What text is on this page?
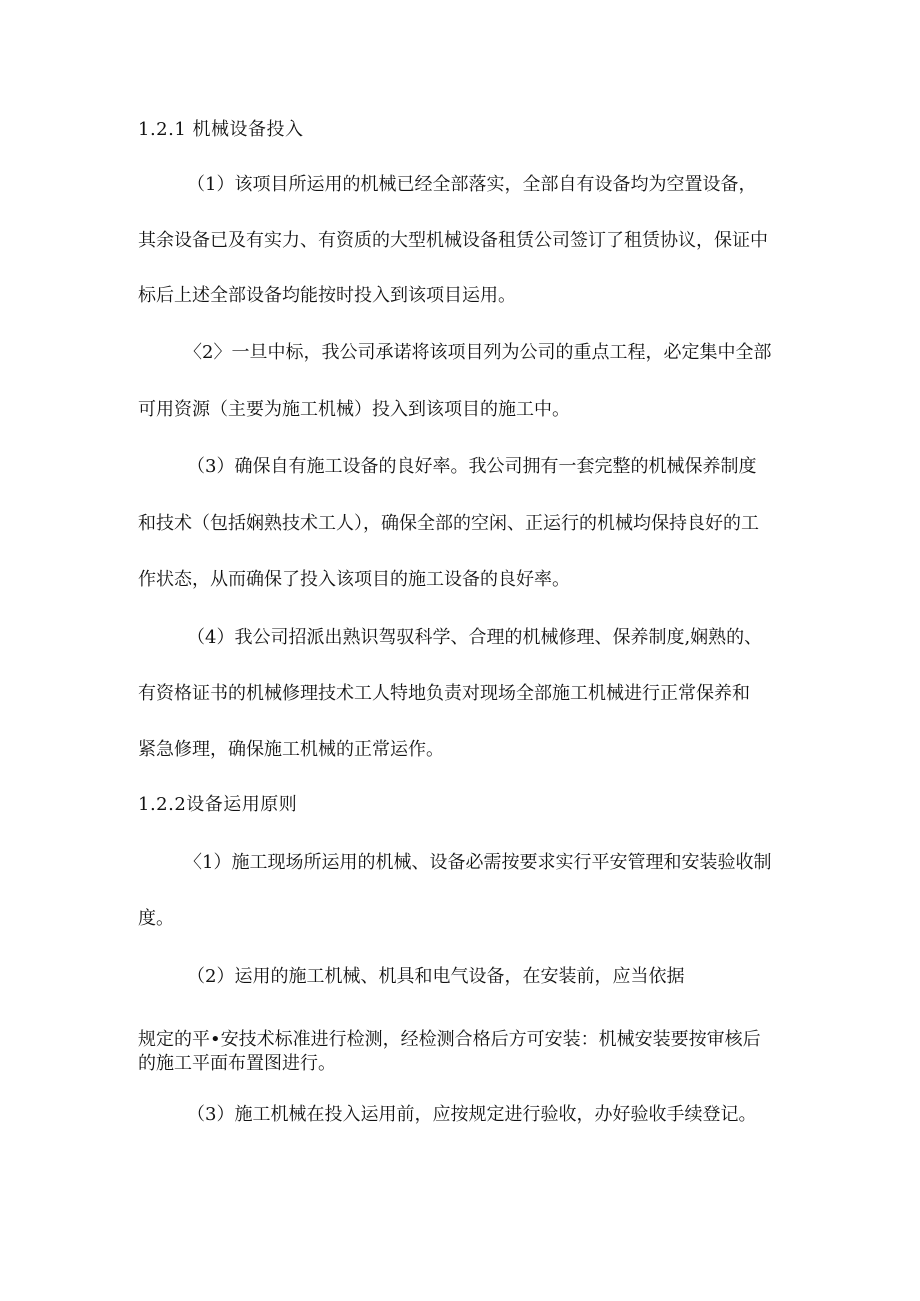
1.2.1 机械设备投入
（1）该项目所运用的机械已经全部落实，全部自有设备均为空置设备，
其余设备已及有实力、有资质的大型机械设备租赁公司签订了租赁协议，保证中
标后上述全部设备均能按时投入到该项目运用。
〈2〉一旦中标，我公司承诺将该项目列为公司的重点工程，必定集中全部
可用资源（主要为施工机械）投入到该项目的施工中。
（3）确保自有施工设备的良好率。我公司拥有一套完整的机械保养制度
和技术（包括娴熟技术工人），确保全部的空闲、正运行的机械均保持良好的工
作状态，从而确保了投入该项目的施工设备的良好率。
（4）我公司招派出熟识驾驭科学、合理的机械修理、保养制度,娴熟的、
有资格证书的机械修理技术工人特地负责对现场全部施工机械进行正常保养和
紧急修理，确保施工机械的正常运作。
1.2.2设备运用原则
〈1）施工现场所运用的机械、设备必需按要求实行平安管理和安装验收制
度。
（2）运用的施工机械、机具和电气设备，在安装前，应当依据
规定的平•安技术标准进行检测，经检测合格后方可安装：机械安装要按审核后
的施工平面布置图进行。
（3）施工机械在投入运用前，应按规定进行验收，办好验收手续登记。
